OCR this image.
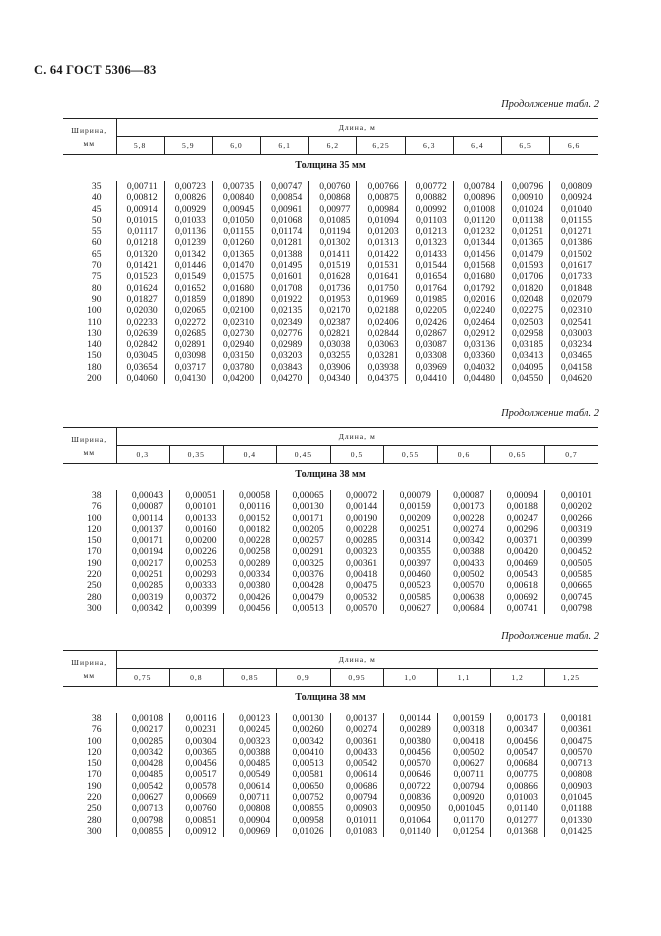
С. 64 ГОСТ 5306—83
Продолжение табл. 2
Ширина,
мм	Длина, м									
	5,8	5,9	6,0	6,1	6,2	6,25	6,3	6,4	6,5	6,6
Толщина 35 мм										

35	0,00711	0,00723	0,00735	0,00747	0,00760	0,00766	0,00772	0,00784	0,00796	0,00809
40	0,00812	0,00826	0,00840	0,00854	0,00868	0,00875	0,00882	0,00896	0,00910	0,00924
45	0,00914	0,00929	0,00945	0,00961	0,00977	0,00984	0,00992	0,01008	0,01024	0,01040
50	0,01015	0,01033	0,01050	0,01068	0,01085	0,01094	0,01103	0,01120	0,01138	0,01155
55	0,01117	0,01136	0,01155	0,01174	0,01194	0,01203	0,01213	0,01232	0,01251	0,01271
60	0,01218	0,01239	0,01260	0,01281	0,01302	0,01313	0,01323	0,01344	0,01365	0,01386
65	0,01320	0,01342	0,01365	0,01388	0,01411	0,01422	0,01433	0,01456	0,01479	0,01502
70	0,01421	0,01446	0,01470	0,01495	0,01519	0,01531	0,01544	0,01568	0,01593	0,01617
75	0,01523	0,01549	0,01575	0,01601	0,01628	0,01641	0,01654	0,01680	0,01706	0,01733
80	0,01624	0,01652	0,01680	0,01708	0,01736	0,01750	0,01764	0,01792	0,01820	0,01848
90	0,01827	0,01859	0,01890	0,01922	0,01953	0,01969	0,01985	0,02016	0,02048	0,02079
100	0,02030	0,02065	0,02100	0,02135	0,02170	0,02188	0,02205	0,02240	0,02275	0,02310
110	0,02233	0,02272	0,02310	0,02349	0,02387	0,02406	0,02426	0,02464	0,02503	0,02541
130	0,02639	0,02685	0,02730	0,02776	0,02821	0,02844	0,02867	0,02912	0,02958	0,03003
140	0,02842	0,02891	0,02940	0,02989	0,03038	0,03063	0,03087	0,03136	0,03185	0,03234
150	0,03045	0,03098	0,03150	0,03203	0,03255	0,03281	0,03308	0,03360	0,03413	0,03465
180	0,03654	0,03717	0,03780	0,03843	0,03906	0,03938	0,03969	0,04032	0,04095	0,04158
200	0,04060	0,04130	0,04200	0,04270	0,04340	0,04375	0,04410	0,04480	0,04550	0,04620
Продолжение табл. 2
Ширина,
мм	Длина, м								
	0,3	0,35	0,4	0,45	0,5	0,55	0,6	0,65	0,7
Толщина 38 мм									

38	0,00043	0,00051	0,00058	0,00065	0,00072	0,00079	0,00087	0,00094	0,00101
76	0,00087	0,00101	0,00116	0,00130	0,00144	0,00159	0,00173	0,00188	0,00202
100	0,00114	0,00133	0,00152	0,00171	0,00190	0,00209	0,00228	0,00247	0,00266
120	0,00137	0,00160	0,00182	0,00205	0,00228	0,00251	0,00274	0,00296	0,00319
150	0,00171	0,00200	0,00228	0,00257	0,00285	0,00314	0,00342	0,00371	0,00399
170	0,00194	0,00226	0,00258	0,00291	0,00323	0,00355	0,00388	0,00420	0,00452
190	0,00217	0,00253	0,00289	0,00325	0,00361	0,00397	0,00433	0,00469	0,00505
220	0,00251	0,00293	0,00334	0,00376	0,00418	0,00460	0,00502	0,00543	0,00585
250	0,00285	0,00333	0,00380	0,00428	0,00475	0,00523	0,00570	0,00618	0,00665
280	0,00319	0,00372	0,00426	0,00479	0,00532	0,00585	0,00638	0,00692	0,00745
300	0,00342	0,00399	0,00456	0,00513	0,00570	0,00627	0,00684	0,00741	0,00798
Продолжение табл. 2
Ширина,
мм	Длина, м								
	0,75	0,8	0,85	0,9	0,95	1,0	1,1	1,2	1,25
Толщина 38 мм									

38	0,00108	0,00116	0,00123	0,00130	0,00137	0,00144	0,00159	0,00173	0,00181
76	0,00217	0,00231	0,00245	0,00260	0,00274	0,00289	0,00318	0,00347	0,00361
100	0,00285	0,00304	0,00323	0,00342	0,00361	0,00380	0,00418	0,00456	0,00475
120	0,00342	0,00365	0,00388	0,00410	0,00433	0,00456	0,00502	0,00547	0,00570
150	0,00428	0,00456	0,00485	0,00513	0,00542	0,00570	0,00627	0,00684	0,00713
170	0,00485	0,00517	0,00549	0,00581	0,00614	0,00646	0,00711	0,00775	0,00808
190	0,00542	0,00578	0,00614	0,00650	0,00686	0,00722	0,00794	0,00866	0,00903
220	0,00627	0,00669	0,00711	0,00752	0,00794	0,00836	0,00920	0,01003	0,01045
250	0,00713	0,00760	0,00808	0,00855	0,00903	0,00950	0,001045	0,01140	0,01188
280	0,00798	0,00851	0,00904	0,00958	0,01011	0,01064	0,01170	0,01277	0,01330
300	0,00855	0,00912	0,00969	0,01026	0,01083	0,01140	0,01254	0,01368	0,01425
